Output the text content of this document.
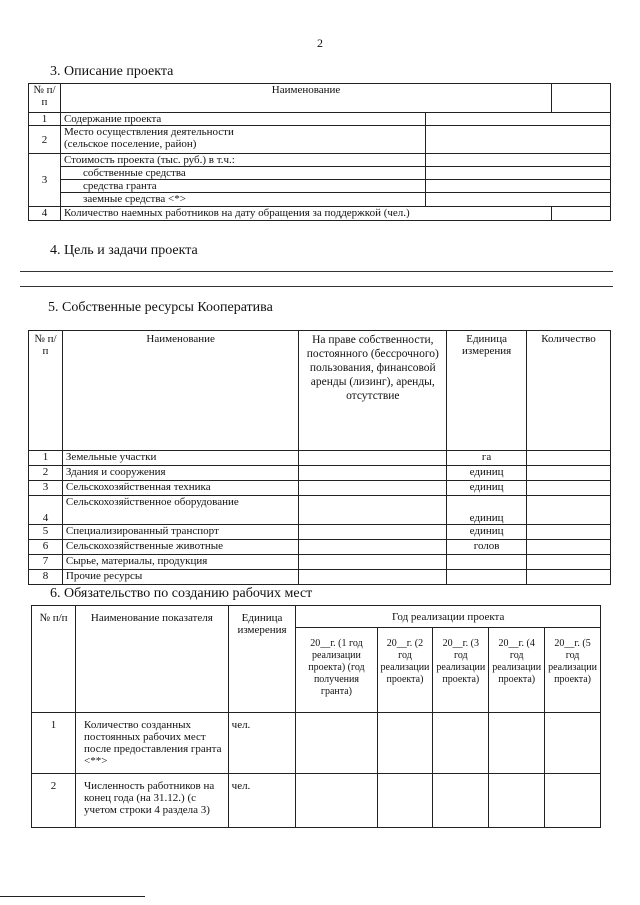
2
3. Описание проекта
№ п/п	Наименование		
1	Содержание проекта		
2	Место осуществления деятельности
(сельское поселение, район)		

3	Стоимость проекта (тыс. руб.) в т.ч.:		
	собственные средства		
	средства гранта		
	заемные средства <*>		
4	Количество наемных работников на дату обращения за поддержкой (чел.)		
4. Цель и задачи проекта
5. Собственные ресурсы Кооператива
№ п/п	Наименование	На праве собственности, постоянного (бессрочного) пользования, финансовой аренды (лизинг), аренды, отсутствие	Единица измерения	Количество
1	Земельные участки		га	
2	Здания и сооружения		единиц	
3	Сельскохозяйственная техника		единиц	
4	Сельскохозяйственное оборудование		единиц	
5	Специализированный транспорт		единиц	
6	Сельскохозяйственные животные		голов	
7	Сырье, материалы, продукция			
8	Прочие ресурсы			
6. Обязательство по созданию рабочих мест
№ п/п	Наименование показателя	Единица измерения	Год реализации проекта				
			20__г. (1 год реализации проекта) (год получения гранта)	20__г. (2 год реализации проекта)	20__г. (3 год реализации проекта)	20__г. (4 год реализации проекта)	20__г. (5 год реализации проекта)
1	Количество созданных постоянных рабочих мест после предоставления гранта <**>	чел.					
2	Численность работников на конец года (на 31.12.) (с учетом строки 4 раздела 3)	чел.					
